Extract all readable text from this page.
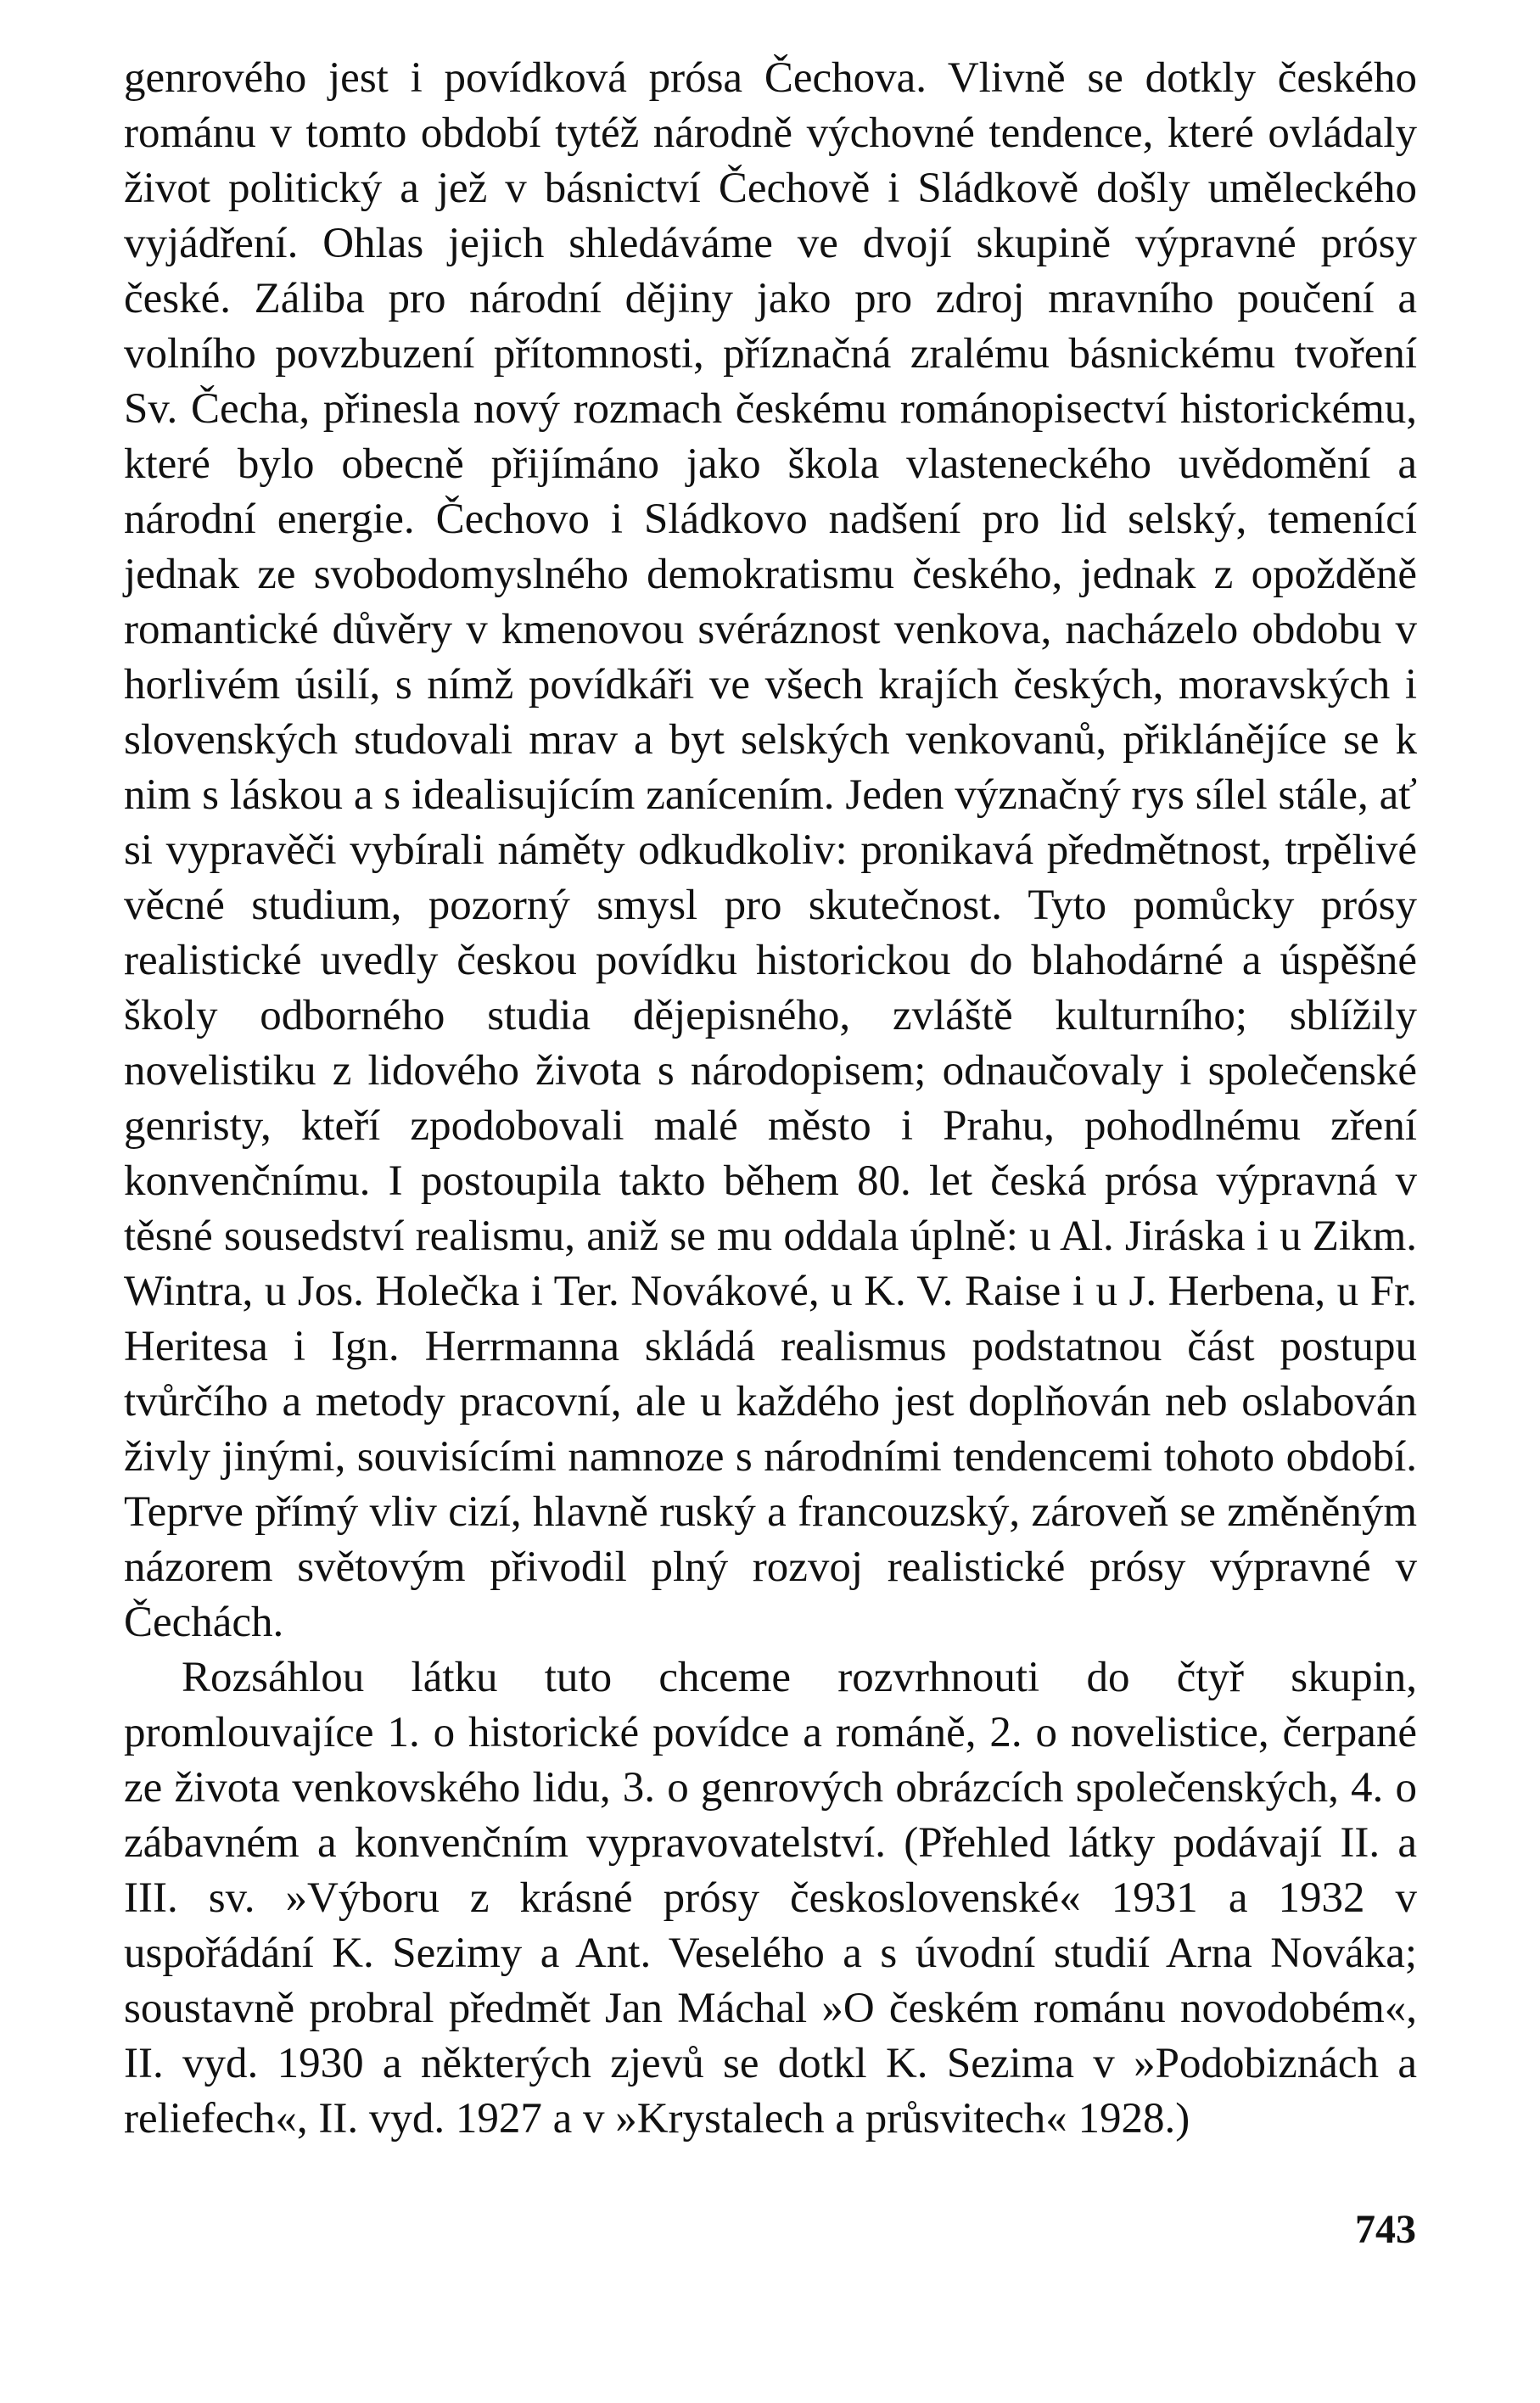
genrového jest i povídková prósa Čechova. Vlivně se dotkly českého románu v tomto období tytéž národně výchovné tendence, které ovládaly život politický a jež v básnictví Čechově i Sládkově došly uměleckého vyjádření. Ohlas jejich shledáváme ve dvojí skupině výpravné prósy české. Záliba pro národní dějiny jako pro zdroj mravního poučení a volního povzbuzení přítomnosti, příznačná zralému básnickému tvoření Sv. Čecha, přinesla nový rozmach českému románopisectví historickému, které bylo obecně přijímáno jako škola vlasteneckého uvědomění a národní energie. Čechovo i Sládkovo nadšení pro lid selský, temenící jednak ze svobodomyslného demokratismu českého, jednak z opožděně romantické důvěry v kmenovou svéráznost venkova, nacházelo obdobu v horlivém úsilí, s nímž povídkáři ve všech krajích českých, moravských i slovenských studovali mrav a byt selských venkovanů, přiklánějíce se k nim s láskou a s idealisujícím zanícením. Jeden význačný rys sílel stále, ať si vypravěči vybírali náměty odkudkoliv: pronikavá předmětnost, trpělivé věcné studium, pozorný smysl pro skutečnost. Tyto pomůcky prósy realistické uvedly českou povídku historickou do blahodárné a úspěšné školy odborného studia dějepisného, zvláště kulturního; sblížily novelistiku z lidového života s národopisem; odnaučovaly i společenské genristy, kteří zpodobovali malé město i Prahu, pohodlnému zření konvenčnímu. I postoupila takto během 80. let česká prósa výpravná v těsné sousedství realismu, aniž se mu oddala úplně: u Al. Jiráska i u Zikm. Wintra, u Jos. Holečka i Ter. Novákové, u K. V. Raise i u J. Herbena, u Fr. Heritesa i Ign. Herrmanna skládá realismus podstatnou část postupu tvůrčího a metody pracovní, ale u každého jest doplňován neb oslabován živly jinými, souvisícími namnoze s národními tendencemi tohoto období. Teprve přímý vliv cizí, hlavně ruský a francouzský, zároveň se změněným názorem světovým přivodil plný rozvoj realistické prósy výpravné v Čechách.

Rozsáhlou látku tuto chceme rozvrhnouti do čtyř skupin, promlouvajíce 1. o historické povídce a románě, 2. o novelistice, čerpané ze života venkovského lidu, 3. o genrových obrázcích společenských, 4. o zábavném a konvenčním vypravovatelství. (Přehled látky podávají II. a III. sv. »Výboru z krásné prósy československé« 1931 a 1932 v uspořádání K. Sezimy a Ant. Veselého a s úvodní studií Arna Nováka; soustavně probral předmět Jan Máchal »O českém románu novodobém«, II. vyd. 1930 a některých zjevů se dotkl K. Sezima v »Podobiznách a reliefech«, II. vyd. 1927 a v »Krystalech a průsvitech« 1928.)

743
